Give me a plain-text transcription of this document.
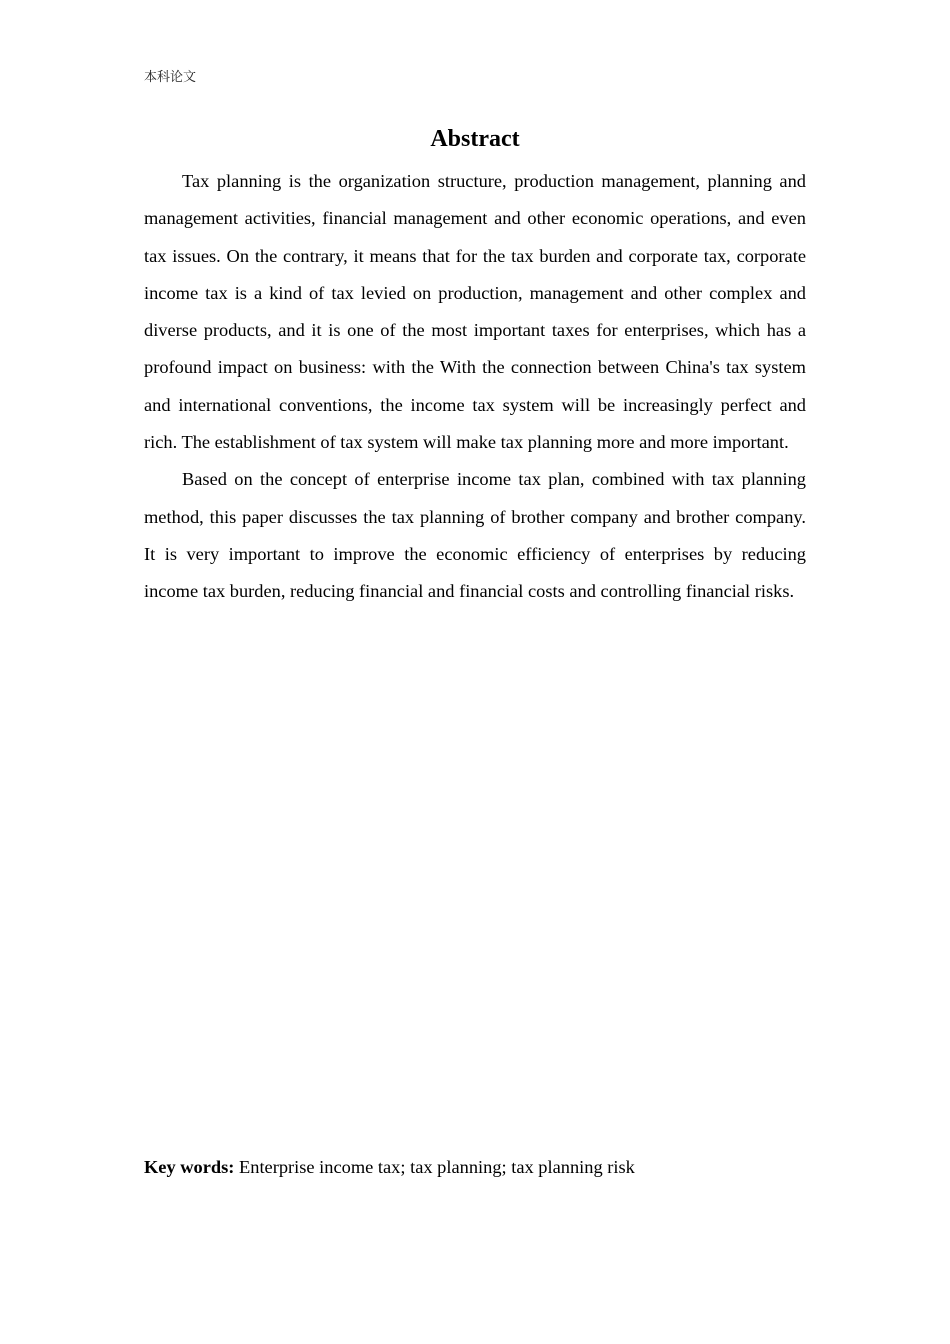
本科论文
Abstract

Tax planning is the organization structure, production management, planning and management activities, financial management and other economic operations, and even tax issues. On the contrary, it means that for the tax burden and corporate tax, corporate income tax is a kind of tax levied on production, management and other complex and diverse products, and it is one of the most important taxes for enterprises, which has a profound impact on business: with the With the connection between China's tax system and international conventions, the income tax system will be increasingly perfect and rich. The establishment of tax system will make tax planning more and more important.

Based on the concept of enterprise income tax plan, combined with tax planning method, this paper discusses the tax planning of brother company and brother company. It is very important to improve the economic efficiency of enterprises by reducing income tax burden, reducing financial and financial costs and controlling financial risks.

Key words: Enterprise income tax; tax planning; tax planning risk
